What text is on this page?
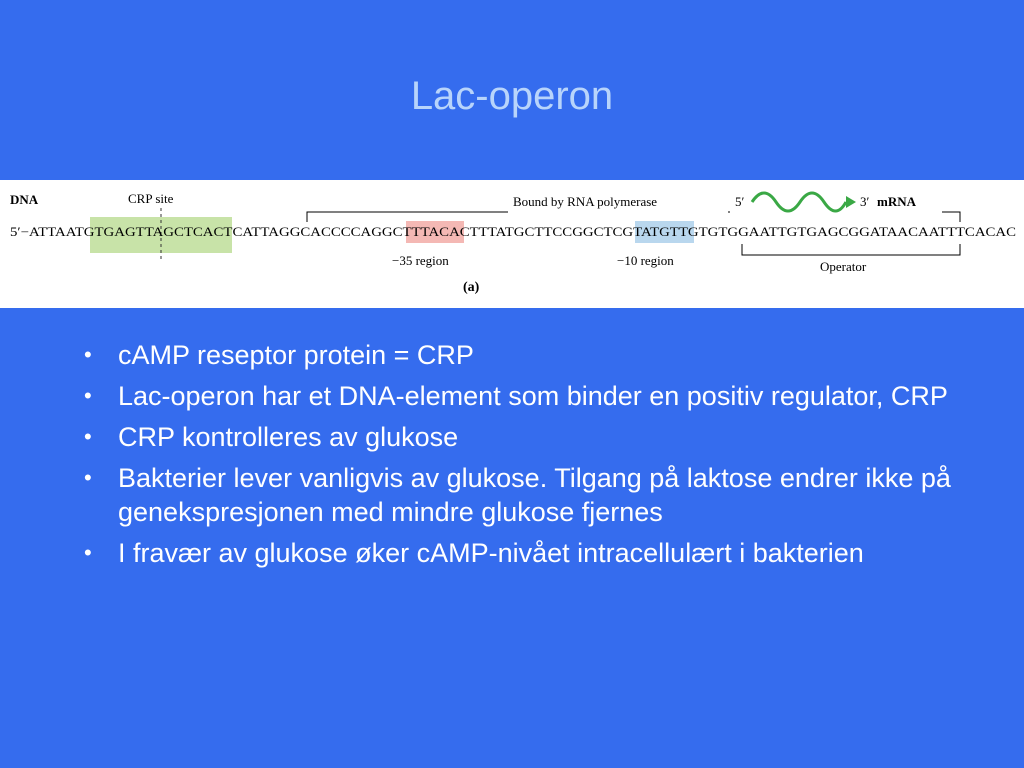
Lac-operon
DNA	CRP site	Bound by RNA polymerase	5′	3′ mRNA
5′− ATTAAT GTGAGTTAGCTCAC TCATTAGGCACCCCAGGC TTTACA CTTTATGCTTCCGGCTCG TATGTT GTGTGGAATTGTGAGCGGATAACAATTTCACAC
−35 region	−10 region	Operator
(a)
• cAMP reseptor protein = CRP
• Lac-operon har et DNA-element som binder en positiv regulator, CRP
• CRP kontrolleres av glukose
• Bakterier lever vanligvis av glukose. Tilgang på laktose endrer ikke på genekspresjonen med mindre glukose fjernes
• I fravær av glukose øker cAMP-nivået intracellulært i bakterien
